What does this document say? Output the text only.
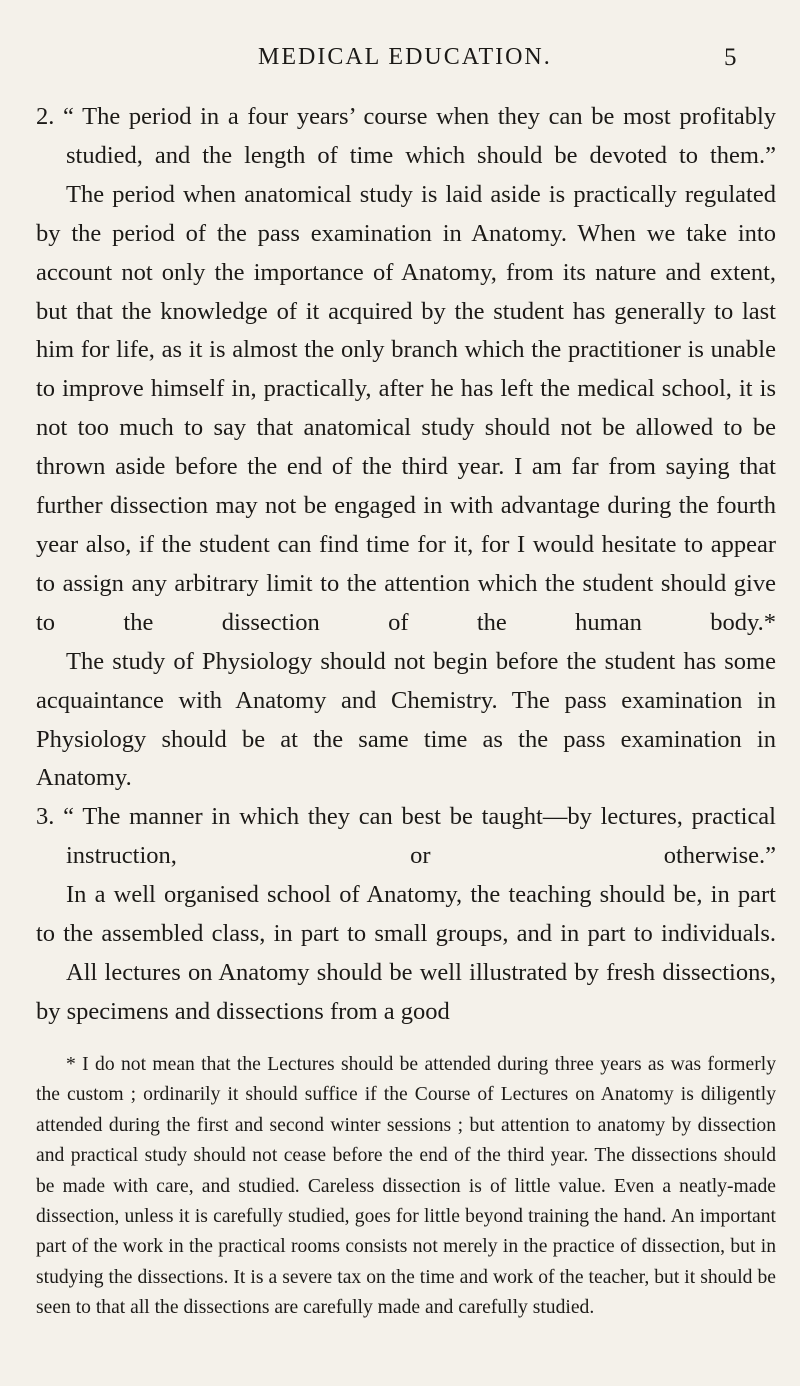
MEDICAL EDUCATION.	5

2. “ The period in a four years’ course when they can be most profitably studied, and the length of time which should be devoted to them.”

The period when anatomical study is laid aside is practically regulated by the period of the pass examination in Anatomy. When we take into account not only the importance of Anatomy, from its nature and extent, but that the knowledge of it acquired by the student has generally to last him for life, as it is almost the only branch which the practitioner is unable to improve himself in, practically, after he has left the medical school, it is not too much to say that anatomical study should not be allowed to be thrown aside before the end of the third year. I am far from saying that further dissection may not be engaged in with advantage during the fourth year also, if the student can find time for it, for I would hesitate to appear to assign any arbitrary limit to the attention which the student should give to the dissection of the human body.*

The study of Physiology should not begin before the student has some acquaintance with Anatomy and Chemistry. The pass examination in Physiology should be at the same time as the pass examination in Anatomy.

3. “ The manner in which they can best be taught—by lectures, practical instruction, or otherwise.”

In a well organised school of Anatomy, the teaching should be, in part to the assembled class, in part to small groups, and in part to individuals.

All lectures on Anatomy should be well illustrated by fresh dissections, by specimens and dissections from a good

* I do not mean that the Lectures should be attended during three years as was formerly the custom ; ordinarily it should suffice if the Course of Lectures on Anatomy is diligently attended during the first and second winter sessions ; but attention to anatomy by dissection and practical study should not cease before the end of the third year. The dissections should be made with care, and studied. Careless dissection is of little value. Even a neatly-made dissection, unless it is carefully studied, goes for little beyond training the hand. An important part of the work in the practical rooms consists not merely in the practice of dissection, but in studying the dissections. It is a severe tax on the time and work of the teacher, but it should be seen to that all the dissections are carefully made and carefully studied.
